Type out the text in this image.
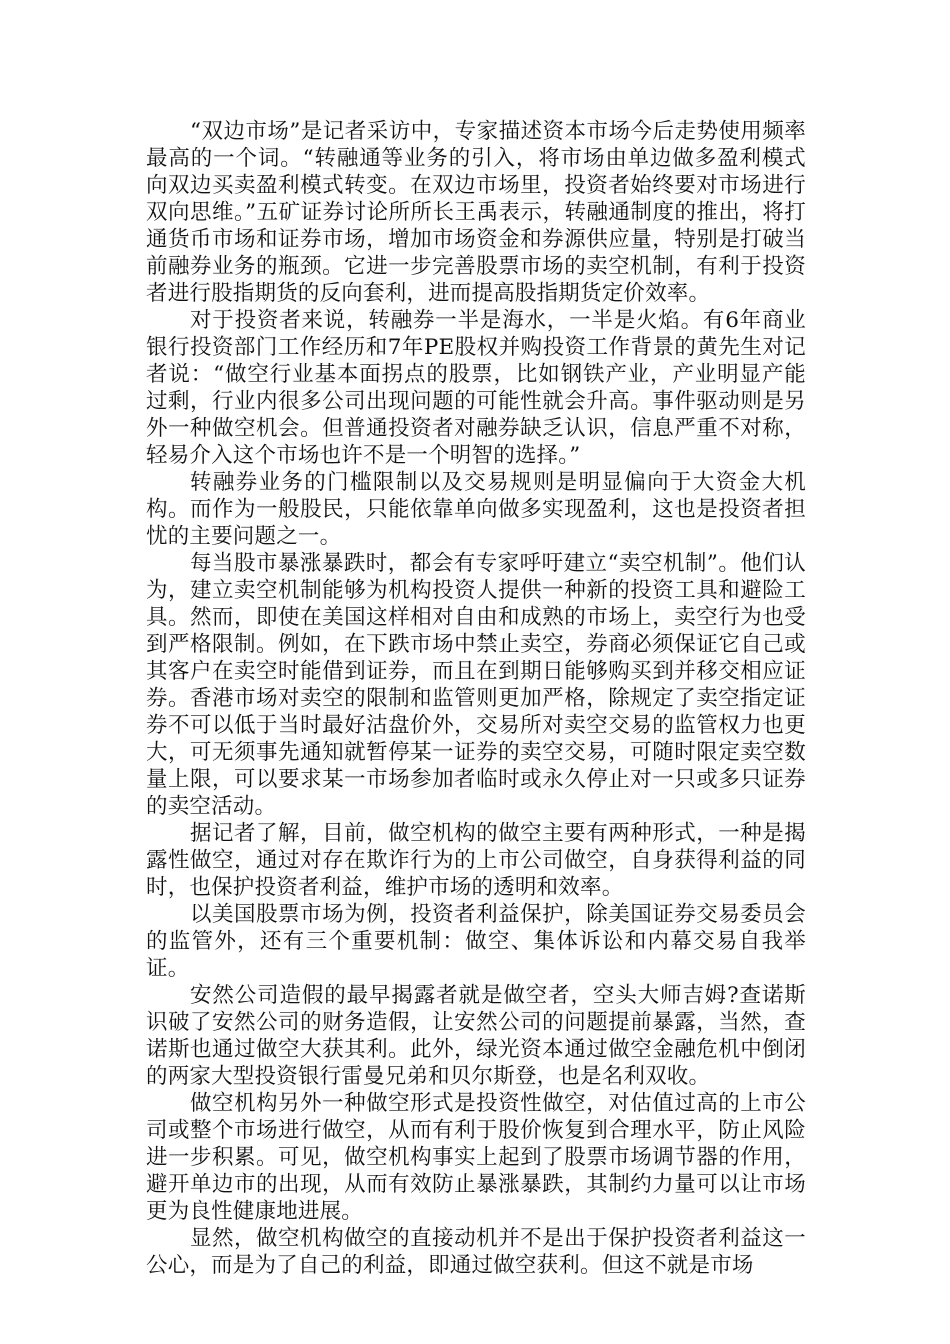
“双边市场”是记者采访中，专家描述资本市场今后走势使用频率最高的一个词。“转融通等业务的引入，将市场由单边做多盈利模式向双边买卖盈利模式转变。在双边市场里，投资者始终要对市场进行双向思维。”五矿证券讨论所所长王禹表示，转融通制度的推出，将打通货币市场和证券市场，增加市场资金和券源供应量，特别是打破当前融券业务的瓶颈。它进一步完善股票市场的卖空机制，有利于投资者进行股指期货的反向套利，进而提高股指期货定价效率。

对于投资者来说，转融券一半是海水，一半是火焰。有6年商业银行投资部门工作经历和7年PE股权并购投资工作背景的黄先生对记者说：“做空行业基本面拐点的股票，比如钢铁产业，产业明显产能过剩，行业内很多公司出现问题的可能性就会升高。事件驱动则是另外一种做空机会。但普通投资者对融券缺乏认识，信息严重不对称，轻易介入这个市场也许不是一个明智的选择。”

转融券业务的门槛限制以及交易规则是明显偏向于大资金大机构。而作为一般股民，只能依靠单向做多实现盈利，这也是投资者担忧的主要问题之一。

每当股市暴涨暴跌时，都会有专家呼吁建立“卖空机制”。他们认为，建立卖空机制能够为机构投资人提供一种新的投资工具和避险工具。然而，即使在美国这样相对自由和成熟的市场上，卖空行为也受到严格限制。例如，在下跌市场中禁止卖空，券商必须保证它自己或其客户在卖空时能借到证券，而且在到期日能够购买到并移交相应证券。香港市场对卖空的限制和监管则更加严格，除规定了卖空指定证券不可以低于当时最好沽盘价外，交易所对卖空交易的监管权力也更大，可无须事先通知就暂停某一证券的卖空交易，可随时限定卖空数量上限，可以要求某一市场参加者临时或永久停止对一只或多只证券的卖空活动。

据记者了解，目前，做空机构的做空主要有两种形式，一种是揭露性做空，通过对存在欺诈行为的上市公司做空，自身获得利益的同时，也保护投资者利益，维护市场的透明和效率。

以美国股票市场为例，投资者利益保护，除美国证券交易委员会的监管外，还有三个重要机制：做空、集体诉讼和内幕交易自我举证。

安然公司造假的最早揭露者就是做空者，空头大师吉姆?查诺斯识破了安然公司的财务造假，让安然公司的问题提前暴露，当然，查诺斯也通过做空大获其利。此外，绿光资本通过做空金融危机中倒闭的两家大型投资银行雷曼兄弟和贝尔斯登，也是名利双收。

做空机构另外一种做空形式是投资性做空，对估值过高的上市公司或整个市场进行做空，从而有利于股价恢复到合理水平，防止风险进一步积累。可见，做空机构事实上起到了股票市场调节器的作用，避开单边市的出现，从而有效防止暴涨暴跌，其制约力量可以让市场更为良性健康地进展。

显然，做空机构做空的直接动机并不是出于保护投资者利益这一公心，而是为了自己的利益，即通过做空获利。但这不就是市场
